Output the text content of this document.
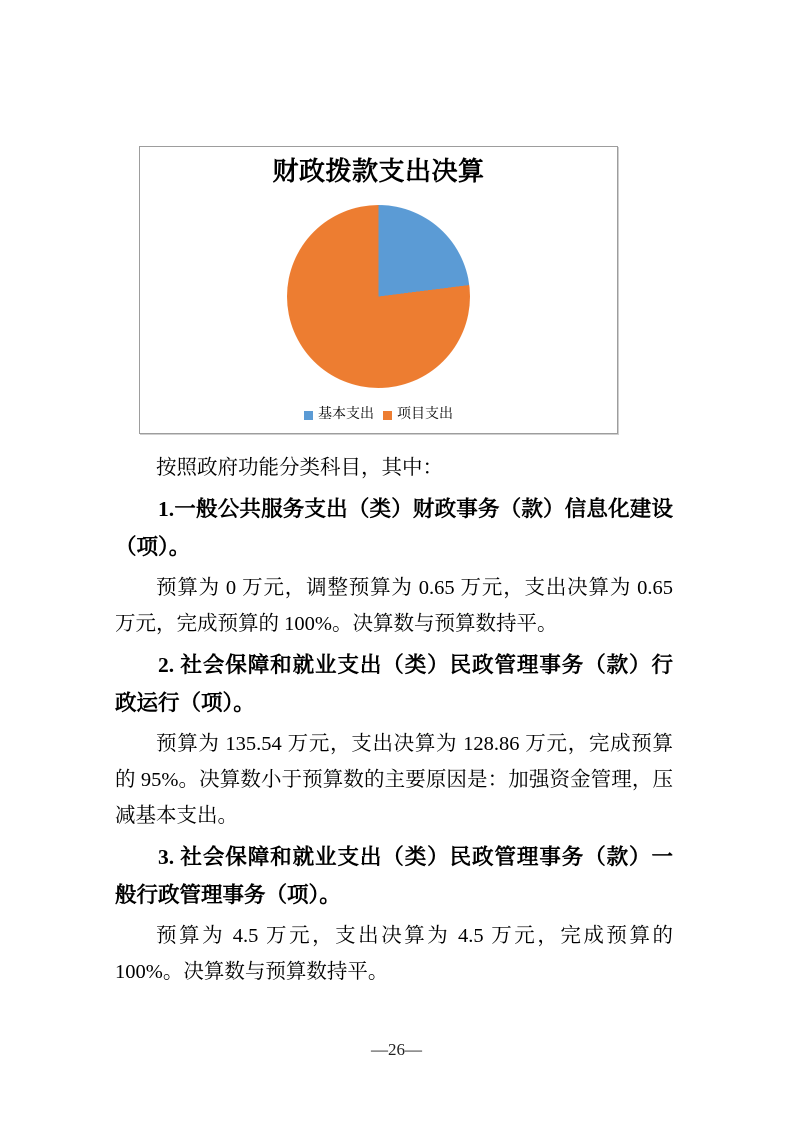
财政拨款支出决算
基本支出 项目支出

按照政府功能分类科目，其中：

1.一般公共服务支出（类）财政事务（款）信息化建设（项）。

预算为 0 万元，调整预算为 0.65 万元，支出决算为 0.65 万元，完成预算的 100%。决算数与预算数持平。

2. 社会保障和就业支出（类）民政管理事务（款）行政运行（项）。

预算为 135.54 万元，支出决算为 128.86 万元，完成预算的 95%。决算数小于预算数的主要原因是：加强资金管理，压减基本支出。

3. 社会保障和就业支出（类）民政管理事务（款）一般行政管理事务（项）。

预算为 4.5 万元，支出决算为 4.5 万元，完成预算的 100%。决算数与预算数持平。

—26—
